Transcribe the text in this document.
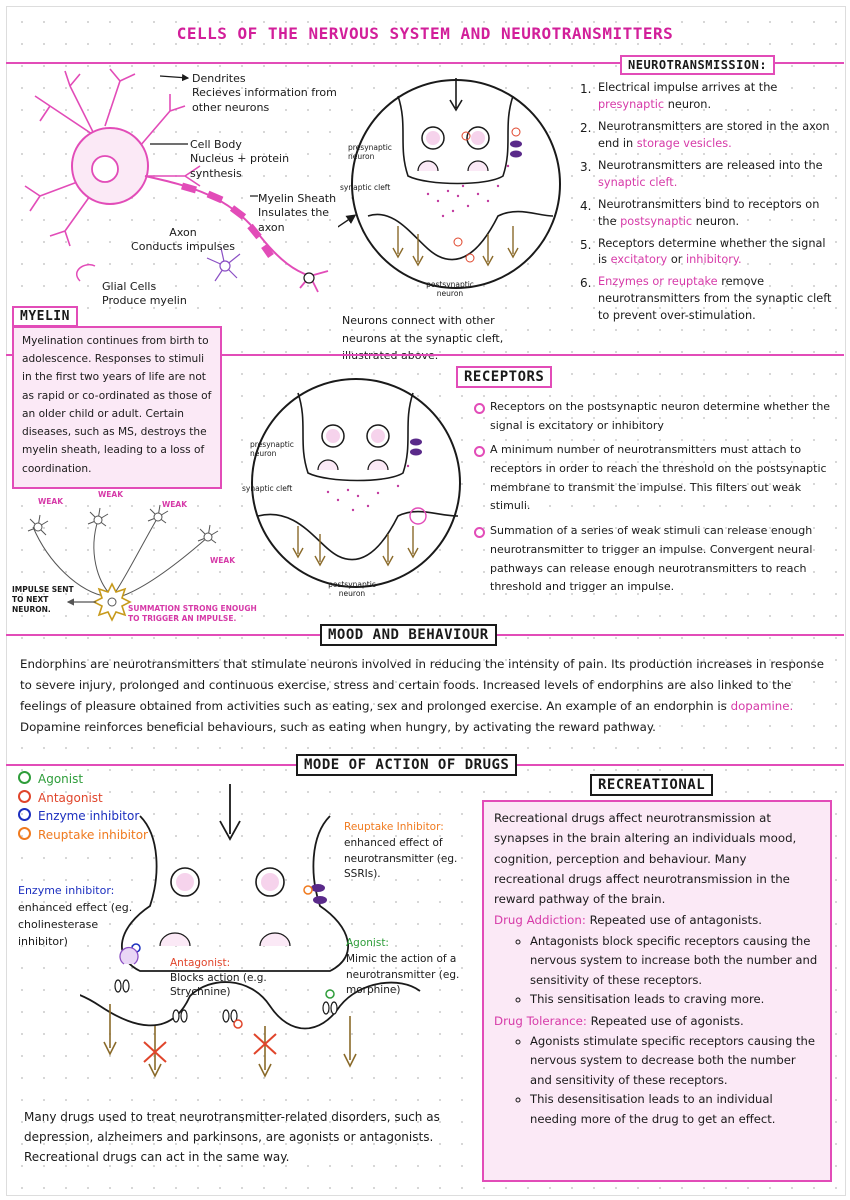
CELLS OF THE NERVOUS SYSTEM AND NEUROTRANSMITTERS
Dendrites
Recieves information from other neurons
Cell Body
Nucleus + protein synthesis
Myelin Sheath
Insulates the axon
Axon
Conducts impulses
Glial Cells
Produce myelin
presynaptic neuron
synaptic cleft
postsynaptic neuron
Neurons connect with other neurons at the synaptic cleft,
NEUROTRANSMISSION:
1. Electrical impulse arrives at the presynaptic neuron.
2. Neurotransmitters are stored in the axon end in storage vesicles.
3. Neurotransmitters are released into the synaptic cleft.
4. Neurotransmitters bind to receptors on the postsynaptic neuron.
5. Receptors determine whether the signal is excitatory or inhibitory.
6. Enzymes or reuptake remove neurotransmitters from the synaptic cleft to prevent over-stimulation.
MYELIN
Myelination continues from birth to adolescence. Responses to stimuli in the first two years of life are not as rapid or co-ordinated as those of an older child or adult. Certain diseases, such as MS, destroys the myelin sheath, leading to a loss of coordination.
WEAK
WEAK
WEAK
WEAK
IMPULSE SENT TO NEXT NEURON.	SUMMATION STRONG ENOUGH TO TRIGGER AN IMPULSE.
presynaptic neuron
synaptic cleft
postsynaptic neuron
RECEPTORS
Receptors on the postsynaptic neuron determine whether the signal is excitatory or inhibitory
A minimum number of neurotransmitters must attach to receptors in order to reach the threshold on the postsynaptic membrane to transmit the impulse. This filters out weak stimuli.
Summation of a series of weak stimuli can release enough neurotransmitter to trigger an impulse. Convergent neural pathways can release enough neurotransmitters to reach threshold and trigger an impulse.
MOOD AND BEHAVIOUR
Endorphins are neurotransmitters that stimulate neurons involved in reducing the intensity of pain. Its production increases in response to severe injury, prolonged and continuous exercise, stress and certain foods. Increased levels of endorphins are also linked to the feelings of pleasure obtained from activities such as eating, sex and prolonged exercise. An example of an endorphin is dopamine. Dopamine reinforces beneficial behaviours, such as eating when hungry, by activating the reward pathway.
MODE OF ACTION OF DRUGS
Agonist
Antagonist
Enzyme inhibitor
Reuptake inhibitor
Enzyme inhibitor:
enhanced effect (eg. cholinesterase inhibitor)
Reuptake Inhibitor:
enhanced effect of neurotransmitter (eg. SSRIs).
Agonist:
Mimic the action of a neurotransmitter (eg. morphine)
Antagonist:
Blocks action (e.g. Strychnine)
Many drugs used to treat neurotransmitter-related disorders, such as depression, alzheimers and parkinsons, are agonists or antagonists. Recreational drugs can act in the same way.
RECREATIONAL
Recreational drugs affect neurotransmission at synapses in the brain altering an individuals mood, cognition, perception and behaviour. Many recreational drugs affect neurotransmission in the reward pathway of the brain.
Drug Addiction: Repeated use of antagonists.
◦ Antagonists block specific receptors causing the nervous system to increase both the number and sensitivity of these receptors.
◦ This sensitisation leads to craving more.
Drug Tolerance: Repeated use of agonists.
◦ Agonists stimulate specific receptors causing the nervous system to decrease both the number and sensitivity of these receptors.
◦ This desensitisation leads to an individual needing more of the drug to get an effect.
